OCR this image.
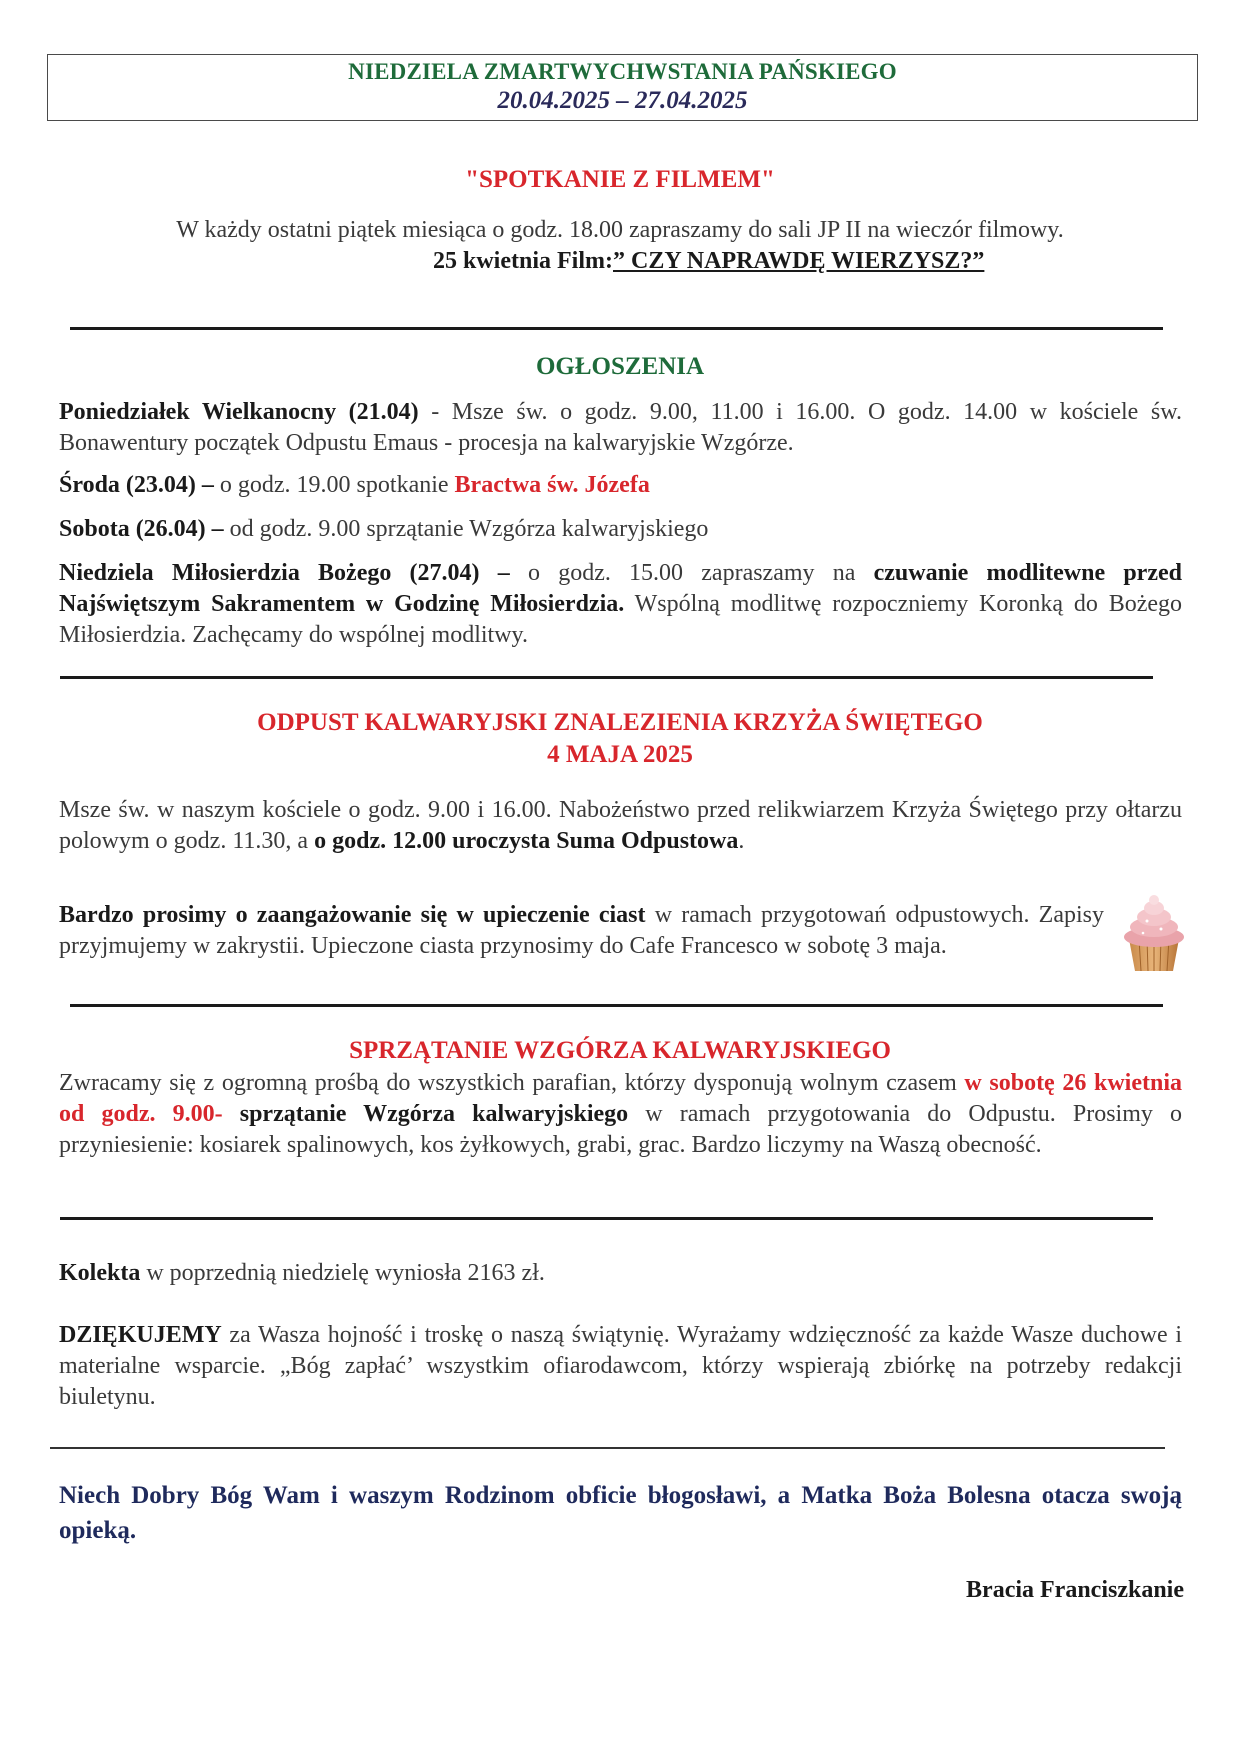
NIEDZIELA ZMARTWYCHWSTANIA PAŃSKIEGO
20.04.2025 – 27.04.2025
"SPOTKANIE Z FILMEM"
W każdy ostatni piątek miesiąca o godz. 18.00 zapraszamy do sali JP II na wieczór filmowy.
25 kwietnia Film:” CZY NAPRAWDĘ WIERZYSZ?”
OGŁOSZENIA
Poniedziałek Wielkanocny (21.04) - Msze św. o godz. 9.00, 11.00 i 16.00. O godz. 14.00 w kościele św. Bonawentury początek Odpustu Emaus - procesja na kalwaryjskie Wzgórze.
Środa (23.04) – o godz. 19.00 spotkanie Bractwa św. Józefa
Sobota (26.04) – od godz. 9.00 sprzątanie Wzgórza kalwaryjskiego
Niedziela Miłosierdzia Bożego (27.04) – o godz. 15.00 zapraszamy na czuwanie modlitewne przed Najświętszym Sakramentem w Godzinę Miłosierdzia. Wspólną modlitwę rozpoczniemy Koronką do Bożego Miłosierdzia. Zachęcamy do wspólnej modlitwy.
ODPUST KALWARYJSKI ZNALEZIENIA KRZYŻA ŚWIĘTEGO
4 MAJA 2025
Msze św. w naszym kościele o godz. 9.00 i 16.00. Nabożeństwo przed relikwiarzem Krzyża Świętego przy ołtarzu polowym o godz. 11.30, a o godz. 12.00 uroczysta Suma Odpustowa.
Bardzo prosimy o zaangażowanie się w upieczenie ciast w ramach przygotowań odpustowych. Zapisy przyjmujemy w zakrystii. Upieczone ciasta przynosimy do Cafe Francesco w sobotę 3 maja.
SPRZĄTANIE WZGÓRZA KALWARYJSKIEGO
Zwracamy się z ogromną prośbą do wszystkich parafian, którzy dysponują wolnym czasem w sobotę 26 kwietnia od godz. 9.00- sprzątanie Wzgórza kalwaryjskiego w ramach przygotowania do Odpustu. Prosimy o przyniesienie: kosiarek spalinowych, kos żyłkowych, grabi, grac. Bardzo liczymy na Waszą obecność.
Kolekta w poprzednią niedzielę wyniosła 2163 zł.
DZIĘKUJEMY za Wasza hojność i troskę o naszą świątynię. Wyrażamy wdzięczność za każde Wasze duchowe i materialne wsparcie. „Bóg zapłać’ wszystkim ofiarodawcom, którzy wspierają zbiórkę na potrzeby redakcji biuletynu.
Niech Dobry Bóg Wam i waszym Rodzinom obficie błogosławi, a Matka Boża Bolesna otacza swoją opieką.
Bracia Franciszkanie
